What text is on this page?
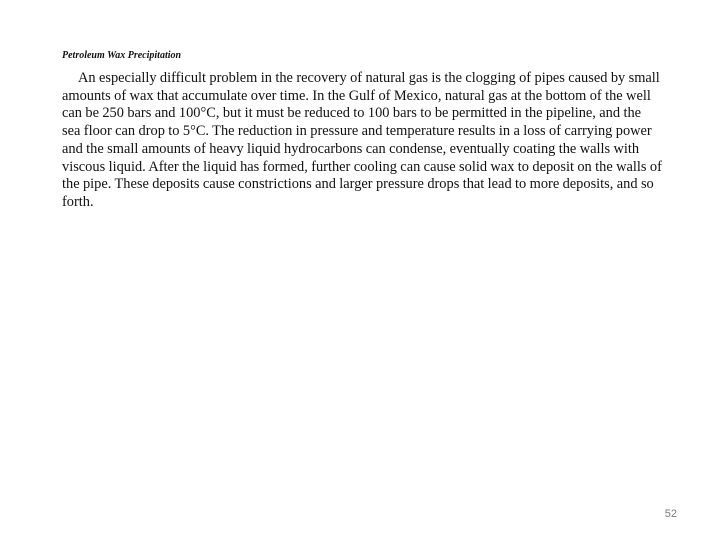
Petroleum Wax Precipitation

An especially difficult problem in the recovery of natural gas is the clogging of pipes caused by small amounts of wax that accumulate over time. In the Gulf of Mexico, natural gas at the bottom of the well can be 250 bars and 100°C, but it must be reduced to 100 bars to be permitted in the pipeline, and the sea floor can drop to 5°C. The reduction in pressure and temperature results in a loss of carrying power and the small amounts of heavy liquid hydrocarbons can condense, eventually coating the walls with viscous liquid. After the liquid has formed, further cooling can cause solid wax to deposit on the walls of the pipe. These deposits cause constrictions and larger pressure drops that lead to more deposits, and so forth.

52
